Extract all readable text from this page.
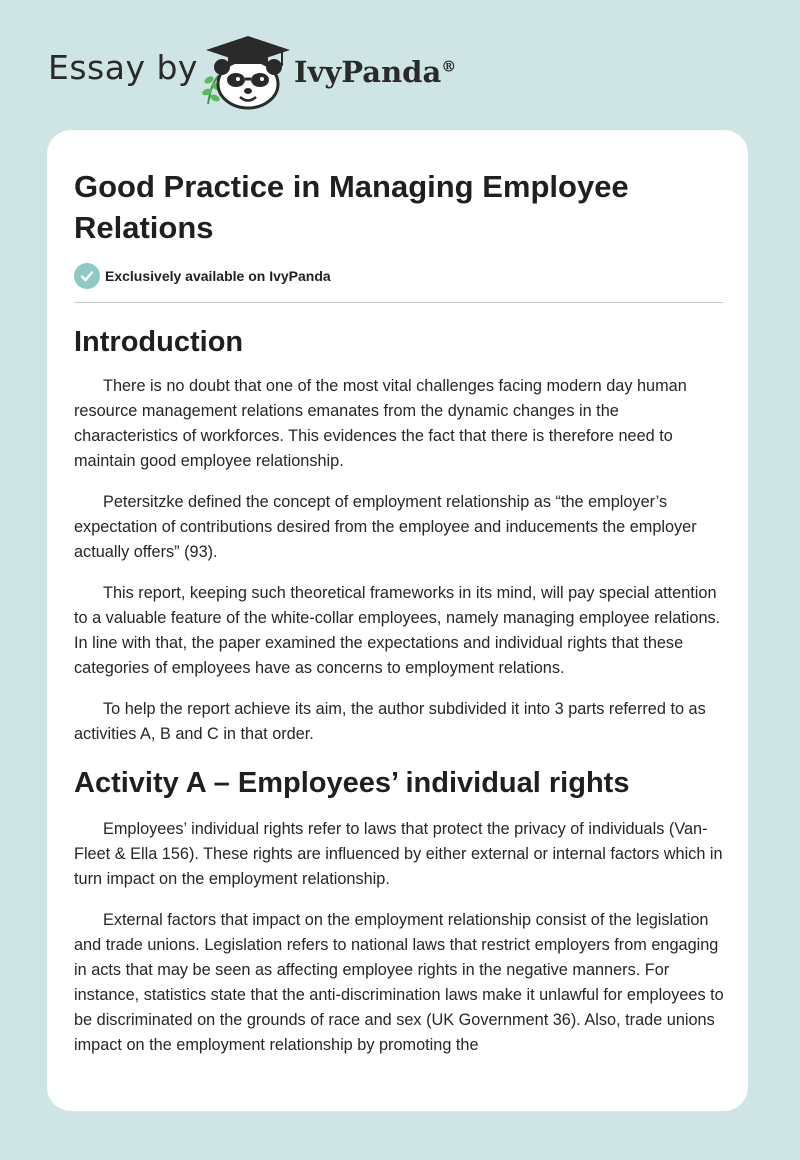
Essay by	IvyPanda®
Good Practice in Managing Employee Relations
Exclusively available on IvyPanda
Introduction

There is no doubt that one of the most vital challenges facing modern day human resource management relations emanates from the dynamic changes in the characteristics of workforces. This evidences the fact that there is therefore need to maintain good employee relationship.

Petersitzke defined the concept of employment relationship as “the employer’s expectation of contributions desired from the employee and inducements the employer actually offers” (93).

This report, keeping such theoretical frameworks in its mind, will pay special attention to a valuable feature of the white-collar employees, namely managing employee relations. In line with that, the paper examined the expectations and individual rights that these categories of employees have as concerns to employment relations.

To help the report achieve its aim, the author subdivided it into 3 parts referred to as activities A, B and C in that order.

Activity A – Employees’ individual rights

Employees’ individual rights refer to laws that protect the privacy of individuals (Van-Fleet & Ella 156). These rights are influenced by either external or internal factors which in turn impact on the employment relationship.

External factors that impact on the employment relationship consist of the legislation and trade unions. Legislation refers to national laws that restrict employers from engaging in acts that may be seen as affecting employee rights in the negative manners. For instance, statistics state that the anti-discrimination laws make it unlawful for employees to be discriminated on the grounds of race and sex (UK Government 36). Also, trade unions impact on the employment relationship by promoting the
